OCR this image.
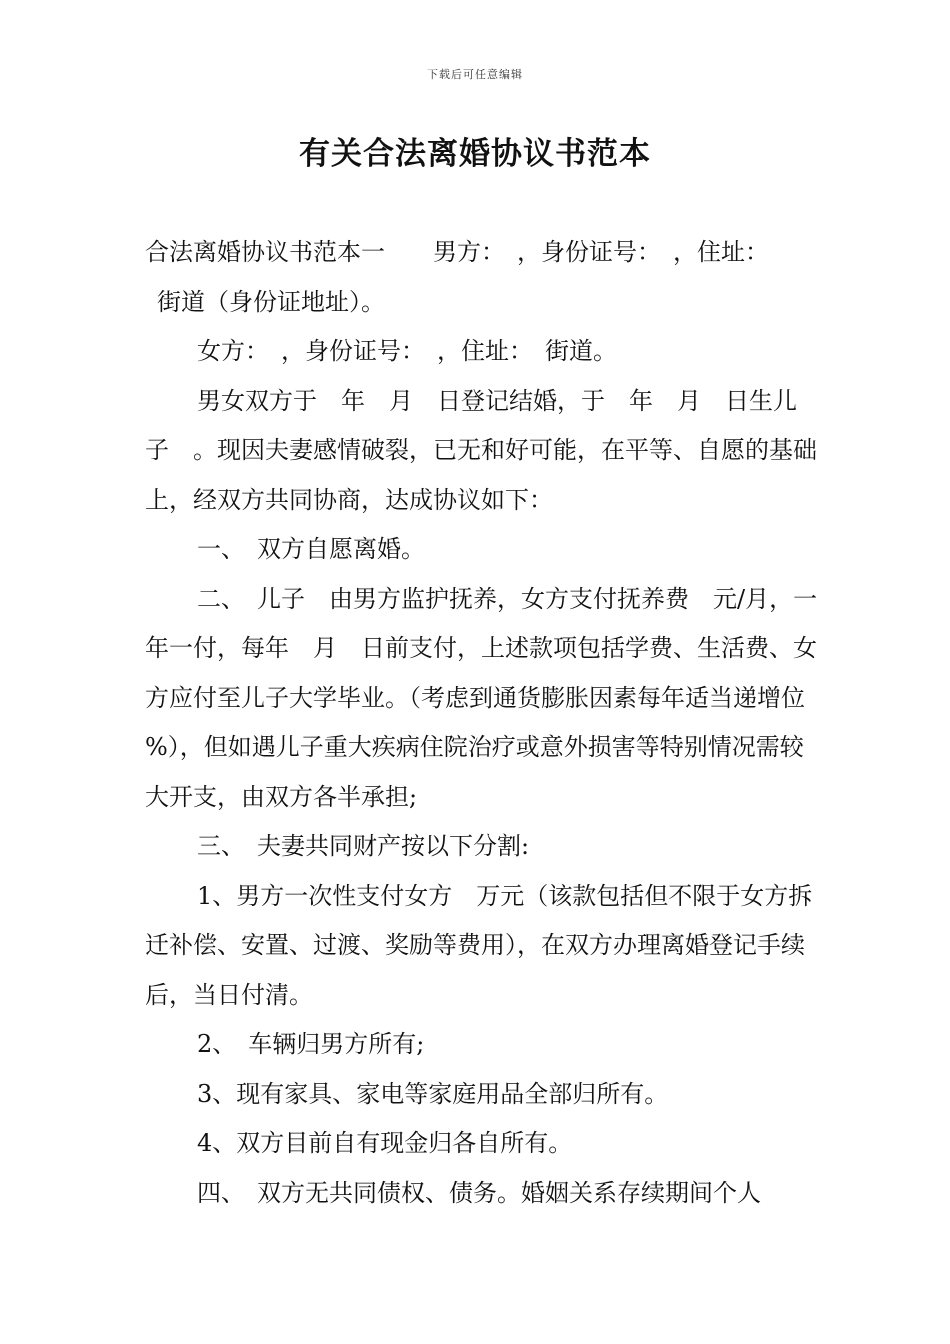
下载后可任意编辑
有关合法离婚协议书范本

合法离婚协议书范本一　　男方：　，身份证号：　，住址：

街道（身份证地址）。

女方：　，身份证号：　，住址：　街道。

男女双方于　年　月　日登记结婚，于　年　月　日生儿子　。现因夫妻感情破裂，已无和好可能，在平等、自愿的基础上，经双方共同协商，达成协议如下：

一、　双方自愿离婚。

二、　儿子　由男方监护抚养，女方支付抚养费　元/月，一年一付，每年　月　日前支付，上述款项包括学费、生活费、女方应付至儿子大学毕业。（考虑到通货膨胀因素每年适当递增位　%），但如遇儿子重大疾病住院治疗或意外损害等特别情况需较大开支，由双方各半承担;

三、　夫妻共同财产按以下分割:

1、男方一次性支付女方　万元（该款包括但不限于女方拆迁补偿、安置、过渡、奖励等费用），在双方办理离婚登记手续后，当日付清。

2、　车辆归男方所有;

3、现有家具、家电等家庭用品全部归所有。

4、双方目前自有现金归各自所有。

四、　双方无共同债权、债务。婚姻关系存续期间个人
